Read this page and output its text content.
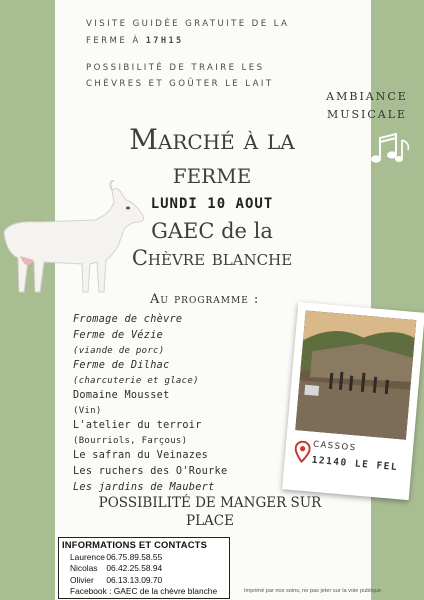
VISITE GUIDÉE GRATUITE DE LA
FERME À 17H15
POSSIBILITÉ DE TRAIRE LES
CHÈVRES ET GOÛTER LE LAIT
AMBIANCE
MUSICALE
Marché à la
ferme
LUNDI 10 AOUT
GAEC de la
Chèvre blanche
Au programme :
Fromage de chèvre
Ferme de Vézie
(viande de porc)
Ferme de Dilhac
(charcuterie et glace)
Domaine Mousset
(Vin)
L'atelier du terroir
(Bourriols, Farçous)
Le safran du Veinazes
Les ruchers des O'Rourke
Les jardins de Maubert
CASSOS
12140 LE FEL
POSSIBILITÉ DE MANGER SUR
PLACE
INFORMATIONS ET CONTACTS
Laurence 06.75.89.58.55
Nicolas 06.42.25.58.94
Olivier 06.13.13.09.70
Facebook : GAEC de la chèvre blanche	Imprimé par nos soins, ne pas jeter sur la voie publique
